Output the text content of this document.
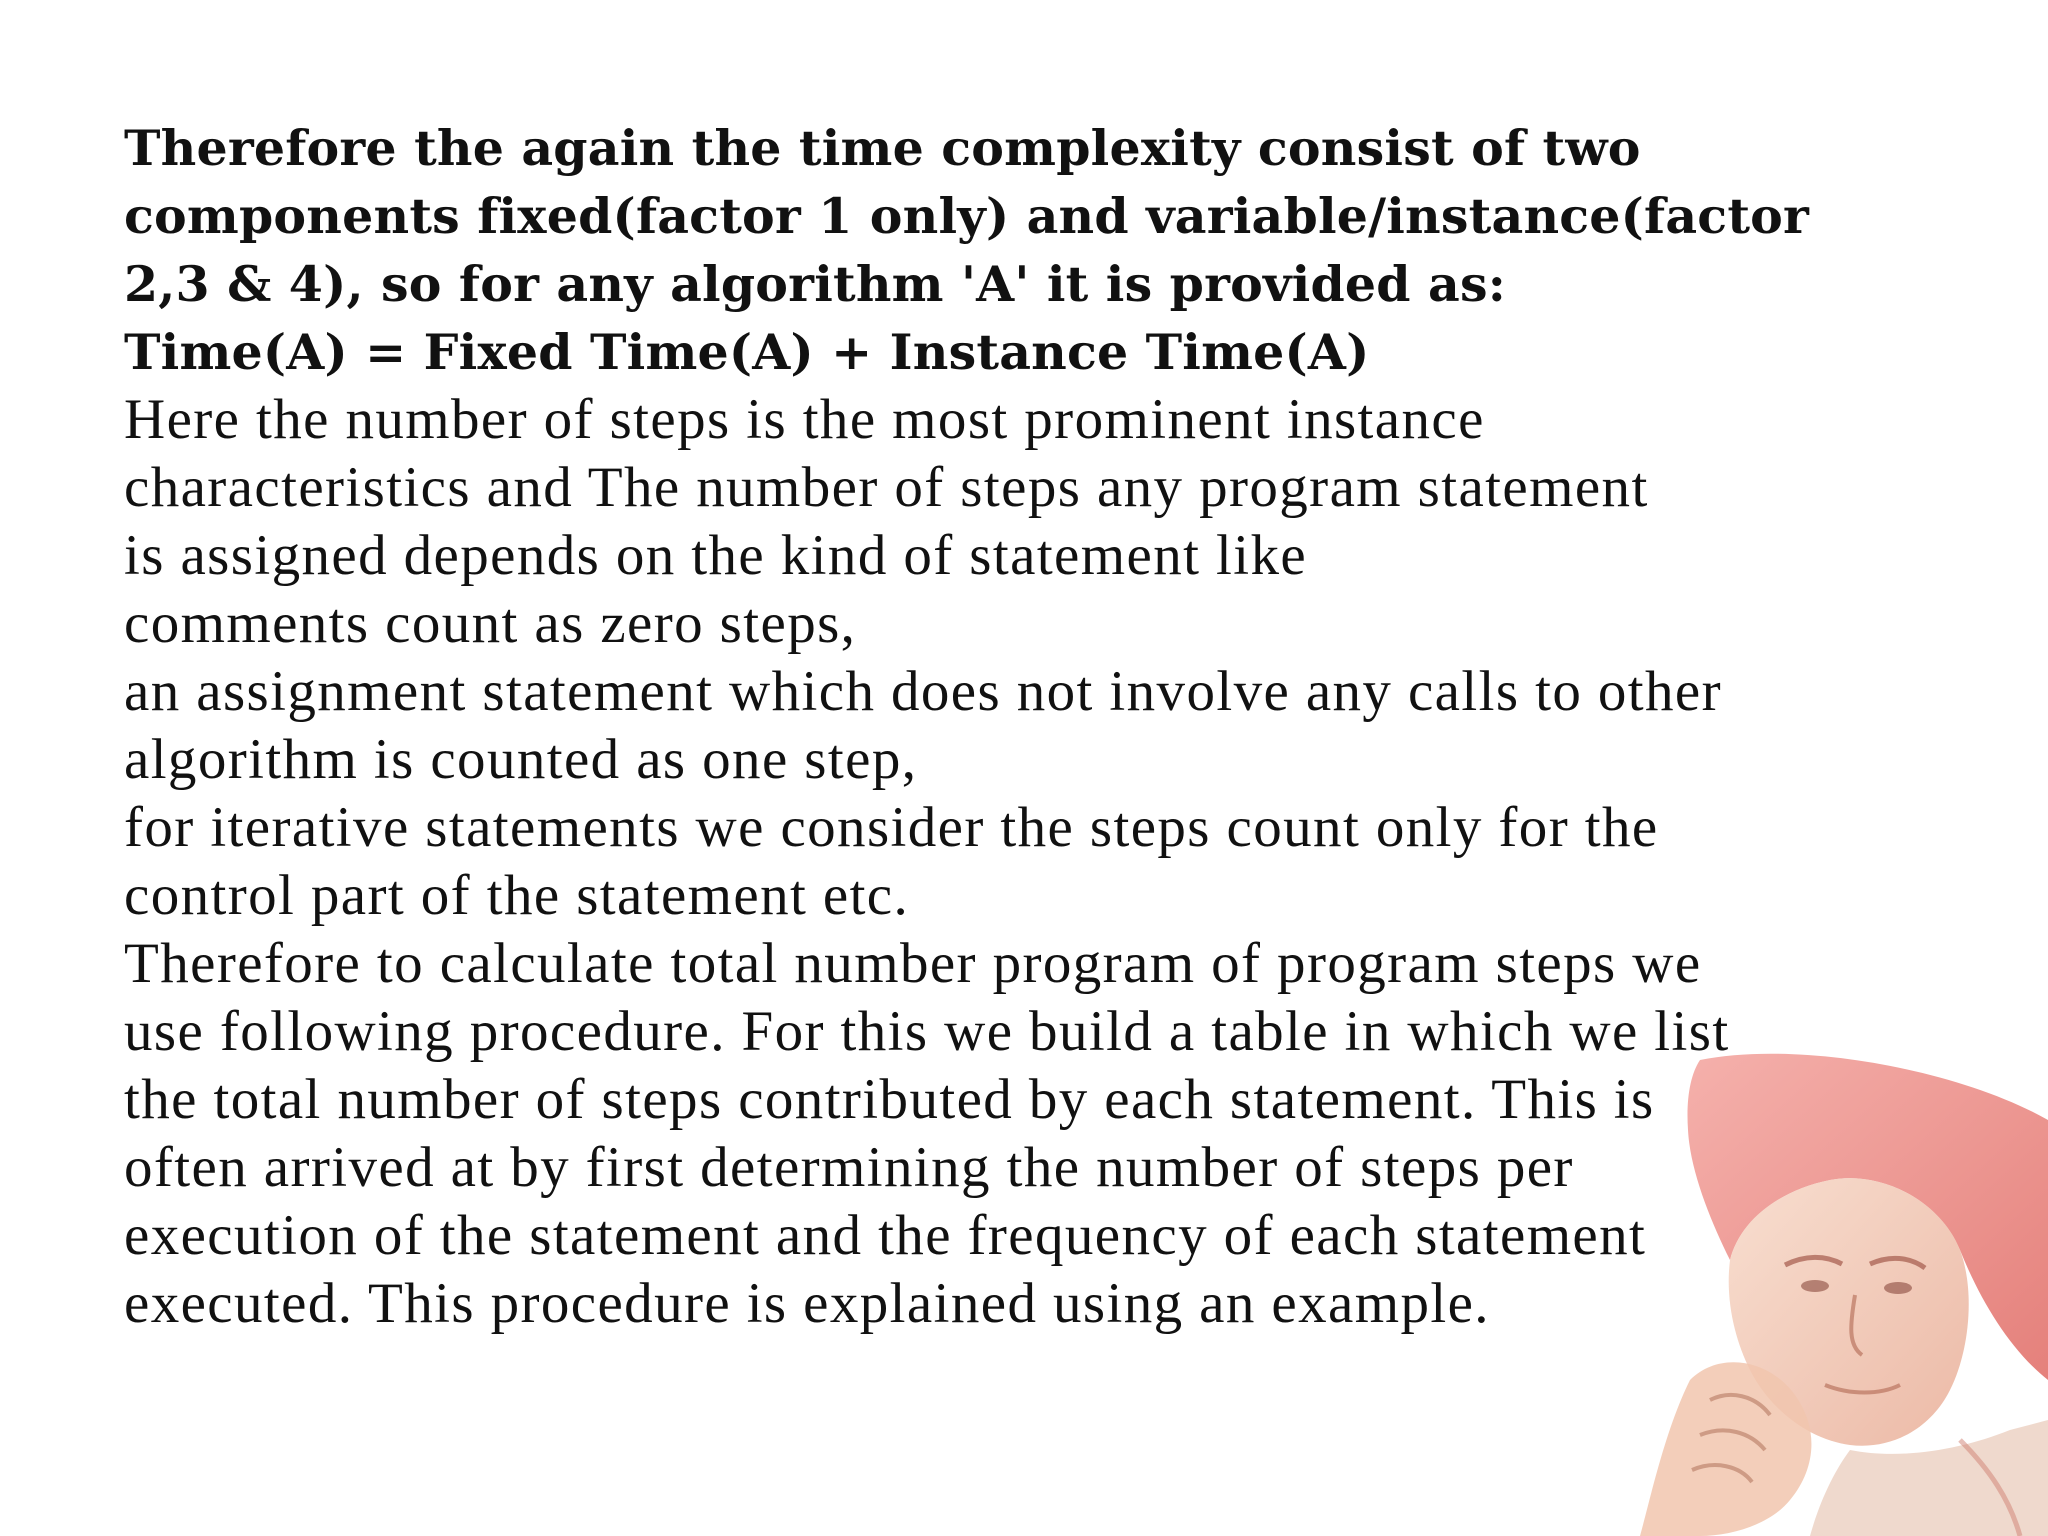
Therefore the again the time complexity consist of two
components fixed(factor 1 only) and variable/instance(factor
2,3 & 4), so for any algorithm 'A' it is provided as:
Time(A) = Fixed Time(A) + Instance Time(A)
Here the number of steps is the most prominent instance
characteristics and The number of steps any program statement
is assigned depends on the kind of statement like
comments count as zero steps,
an assignment statement which does not involve any calls to other
algorithm is counted as one step,
for iterative statements we consider the steps count only for the
control part of the statement etc.
Therefore to calculate total number program of program steps we
use following procedure. For this we build a table in which we list
the total number of steps contributed by each statement. This is
often arrived at by first determining the number of steps per
execution of the statement and the frequency of each statement
executed. This procedure is explained using an example.
